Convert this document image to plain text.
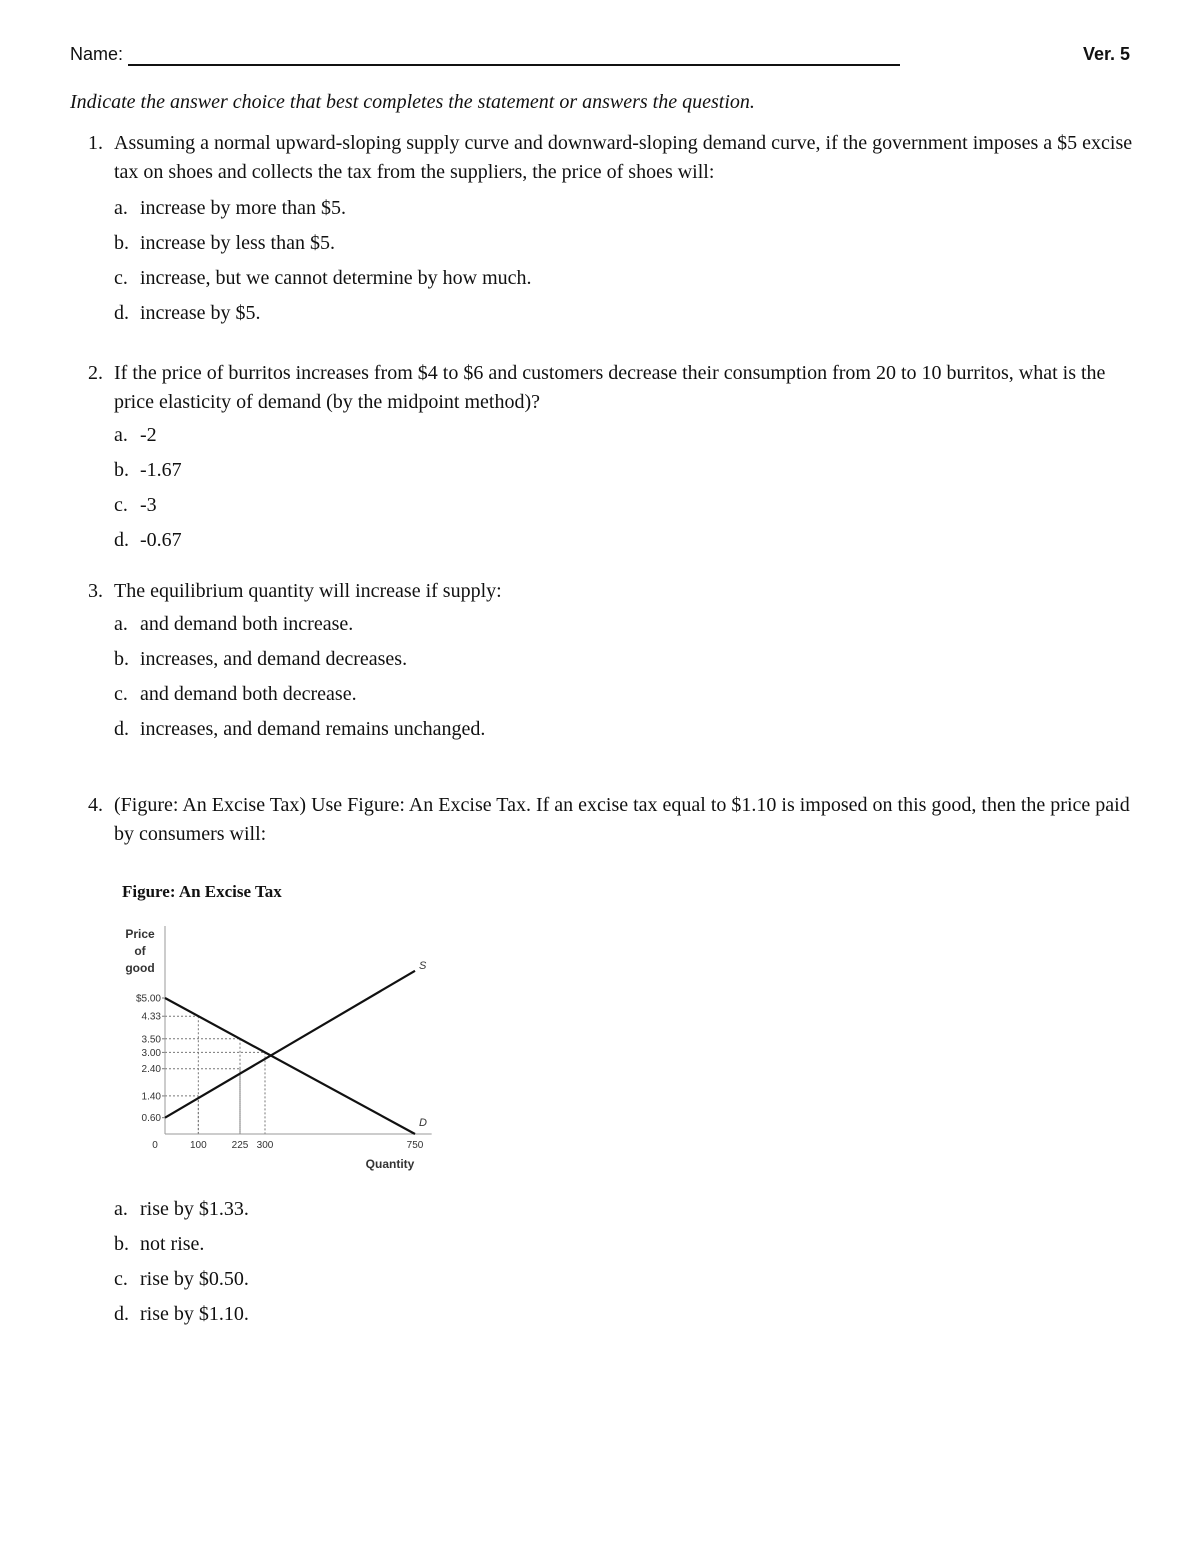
Name:	Ver. 5
Indicate the answer choice that best completes the statement or answers the question.
1. Assuming a normal upward-sloping supply curve and downward-sloping demand curve, if the government imposes a $5 excise tax on shoes and collects the tax from the suppliers, the price of shoes will:
a. increase by more than $5.
b. increase by less than $5.
c. increase, but we cannot determine by how much.
d. increase by $5.
2. If the price of burritos increases from $4 to $6 and customers decrease their consumption from 20 to 10 burritos, what is the price elasticity of demand (by the midpoint method)?
a. -2
b. -1.67
c. -3
d. -0.67
3. The equilibrium quantity will increase if supply:
a. and demand both increase.
b. increases, and demand decreases.
c. and demand both decrease.
d. increases, and demand remains unchanged.
4. (Figure: An Excise Tax) Use Figure: An Excise Tax. If an excise tax equal to $1.10 is imposed on this good, then the price paid by consumers will:
Figure: An Excise Tax
$5.00
4.33
3.50
3.00
2.40
1.40
0.60
0	100 225 300	750
S
D
Price
of
good
Quantity
a. rise by $1.33.
b. not rise.
c. rise by $0.50.
d. rise by $1.10.
